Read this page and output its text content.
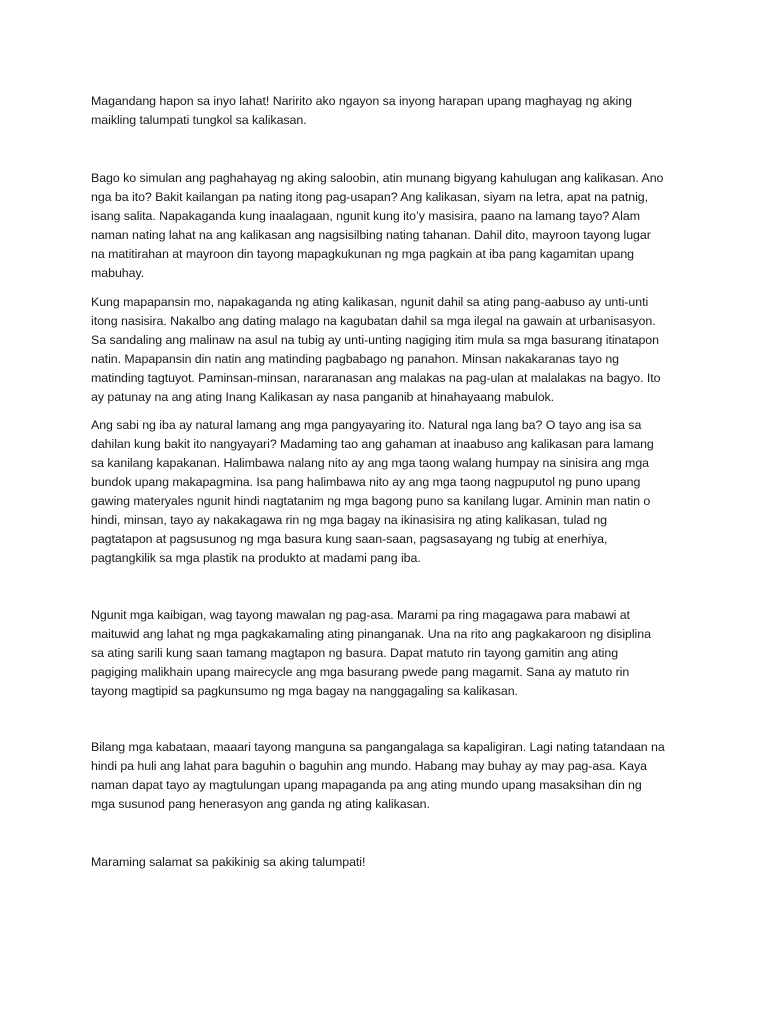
Magandang hapon sa inyo lahat! Naririto ako ngayon sa inyong harapan upang maghayag ng aking
maikling talumpati tungkol sa kalikasan.

Bago ko simulan ang paghahayag ng aking saloobin, atin munang bigyang kahulugan ang kalikasan. Ano
nga ba ito? Bakit kailangan pa nating itong pag-usapan? Ang kalikasan, siyam na letra, apat na patnig,
isang salita. Napakaganda kung inaalagaan, ngunit kung ito’y masisira, paano na lamang tayo? Alam
naman nating lahat na ang kalikasan ang nagsisilbing nating tahanan. Dahil dito, mayroon tayong lugar
na matitirahan at mayroon din tayong mapagkukunan ng mga pagkain at iba pang kagamitan upang
mabuhay.

Kung mapapansin mo, napakaganda ng ating kalikasan, ngunit dahil sa ating pang-aabuso ay unti-unti
itong nasisira. Nakalbo ang dating malago na kagubatan dahil sa mga ilegal na gawain at urbanisasyon.
Sa sandaling ang malinaw na asul na tubig ay unti-unting nagiging itim mula sa mga basurang itinatapon
natin. Mapapansin din natin ang matinding pagbabago ng panahon. Minsan nakakaranas tayo ng
matinding tagtuyot. Paminsan-minsan, nararanasan ang malakas na pag-ulan at malalakas na bagyo. Ito
ay patunay na ang ating Inang Kalikasan ay nasa panganib at hinahayaang mabulok.

Ang sabi ng iba ay natural lamang ang mga pangyayaring ito. Natural nga lang ba? O tayo ang isa sa
dahilan kung bakit ito nangyayari? Madaming tao ang gahaman at inaabuso ang kalikasan para lamang
sa kanilang kapakanan. Halimbawa nalang nito ay ang mga taong walang humpay na sinisira ang mga
bundok upang makapagmina. Isa pang halimbawa nito ay ang mga taong nagpuputol ng puno upang
gawing materyales ngunit hindi nagtatanim ng mga bagong puno sa kanilang lugar. Aminin man natin o
hindi, minsan, tayo ay nakakagawa rin ng mga bagay na ikinasisira ng ating kalikasan, tulad ng
pagtatapon at pagsusunog ng mga basura kung saan-saan, pagsasayang ng tubig at enerhiya,
pagtangkilik sa mga plastik na produkto at madami pang iba.

Ngunit mga kaibigan, wag tayong mawalan ng pag-asa. Marami pa ring magagawa para mabawi at
maituwid ang lahat ng mga pagkakamaling ating pinanganak. Una na rito ang pagkakaroon ng disiplina
sa ating sarili kung saan tamang magtapon ng basura. Dapat matuto rin tayong gamitin ang ating
pagiging malikhain upang mairecycle ang mga basurang pwede pang magamit. Sana ay matuto rin
tayong magtipid sa pagkunsumo ng mga bagay na nanggagaling sa kalikasan.

Bilang mga kabataan, maaari tayong manguna sa pangangalaga sa kapaligiran. Lagi nating tatandaan na
hindi pa huli ang lahat para baguhin o baguhin ang mundo. Habang may buhay ay may pag-asa. Kaya
naman dapat tayo ay magtulungan upang mapaganda pa ang ating mundo upang masaksihan din ng
mga susunod pang henerasyon ang ganda ng ating kalikasan.

Maraming salamat sa pakikinig sa aking talumpati!
